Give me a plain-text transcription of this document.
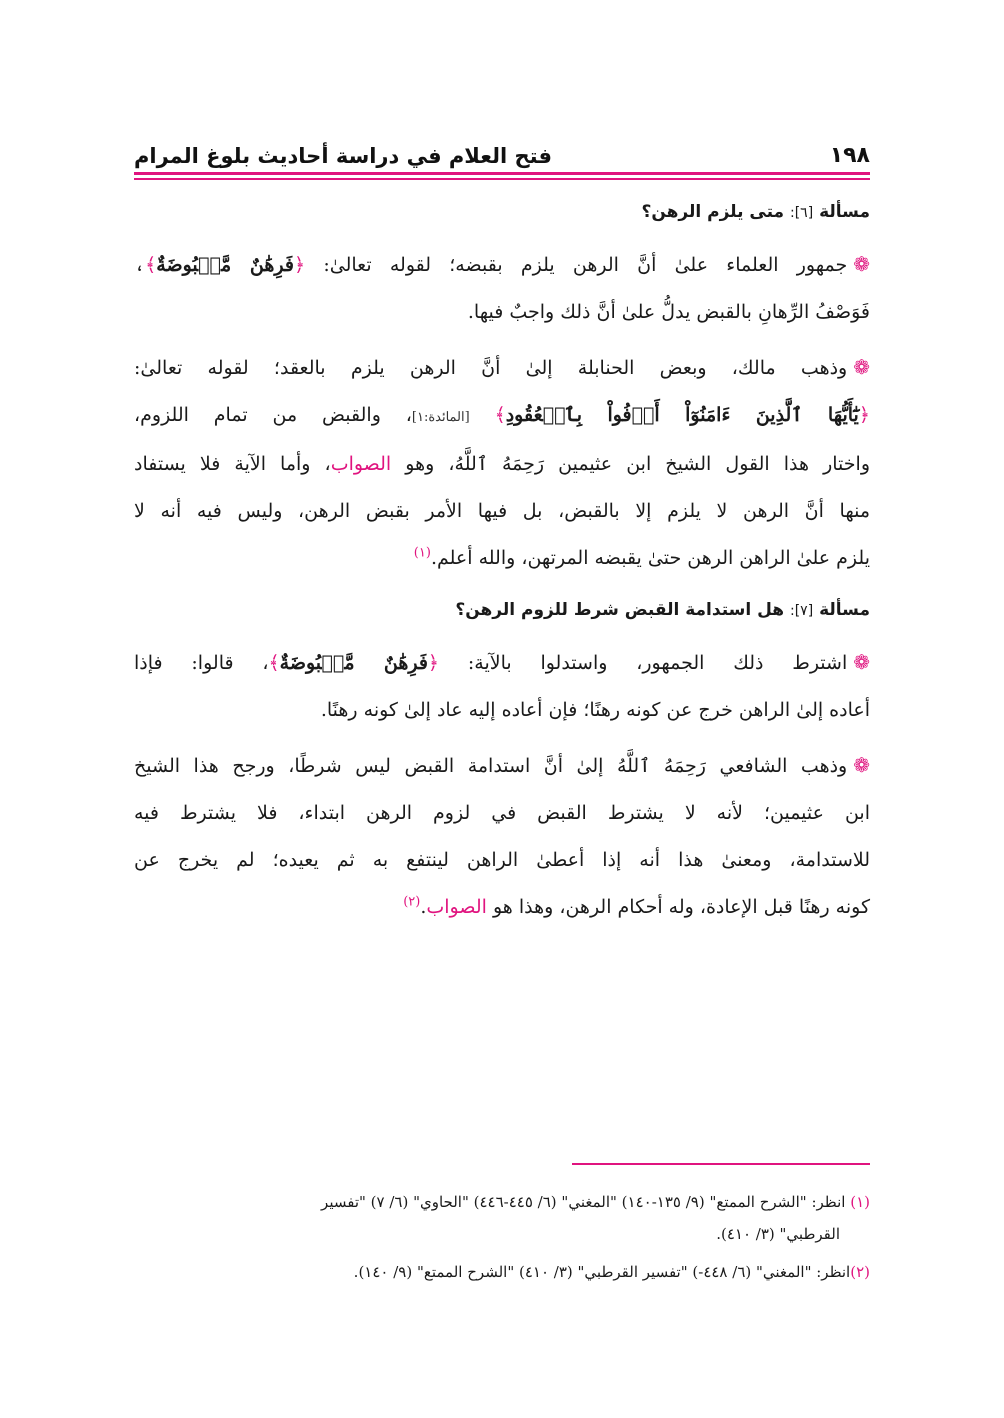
١٩٨
فتح العلام في دراسة أحاديث بلوغ المرام
مسألة [٦]: متى يلزم الرهن؟
❁جمهور العلماء علىٰ أنَّ الرهن يلزم بقبضه؛ لقوله تعالىٰ: ﴿فَرِهَٰنٌ مَّقۡبُوضَةٌ﴾،
فَوَصْفُ الرِّهانِ بالقبض يدلُّ علىٰ أنَّ ذلك واجبٌ فيها.
❁وذهب مالك، وبعض الحنابلة إلىٰ أنَّ الرهن يلزم بالعقد؛ لقوله تعالىٰ:
﴿يَٰٓأَيُّهَا ٱلَّذِينَ ءَامَنُوٓاْ أَوۡفُواْ بِٱلۡعُقُودِ﴾ [المائدة:١]، والقبض من تمام اللزوم،
واختار هذا القول الشيخ ابن عثيمين رَحِمَهُ ٱللَّهُ، وهو الصواب، وأما الآية فلا يستفاد
منها أنَّ الرهن لا يلزم إلا بالقبض، بل فيها الأمر بقبض الرهن، وليس فيه أنه لا
يلزم علىٰ الراهن الرهن حتىٰ يقبضه المرتهن، والله أعلم.$^{(١)}$
مسألة [٧]: هل استدامة القبض شرط للزوم الرهن؟
❁اشترط ذلك الجمهور، واستدلوا بالآية: ﴿فَرِهَٰنٌ مَّقۡبُوضَةٌ﴾، قالوا: فإذا
أعاده إلىٰ الراهن خرج عن كونه رهنًا؛ فإن أعاده إليه عاد إلىٰ كونه رهنًا.
❁وذهب الشافعي رَحِمَهُ ٱللَّهُ إلىٰ أنَّ استدامة القبض ليس شرطًا، ورجح هذا الشيخ
ابن عثيمين؛ لأنه لا يشترط القبض في لزوم الرهن ابتداء، فلا يشترط فيه
للاستدامة، ومعنىٰ هذا أنه إذا أعطىٰ الراهن لينتفع به ثم يعيده؛ لم يخرج عن
كونه رهنًا قبل الإعادة، وله أحكام الرهن، وهذا هو الصواب.$^{(٢)}$
(١) انظر: "الشرح الممتع" (٩/ ١٣٥-١٤٠) "المغني" (٦/ ٤٤٥-٤٤٦) "الحاوي" (٦/ ٧) "تفسير
القرطبي" (٣/ ٤١٠).
(٢)انظر: "المغني" (٦/ ٤٤٨-) "تفسير القرطبي" (٣/ ٤١٠) "الشرح الممتع" (٩/ ١٤٠).
